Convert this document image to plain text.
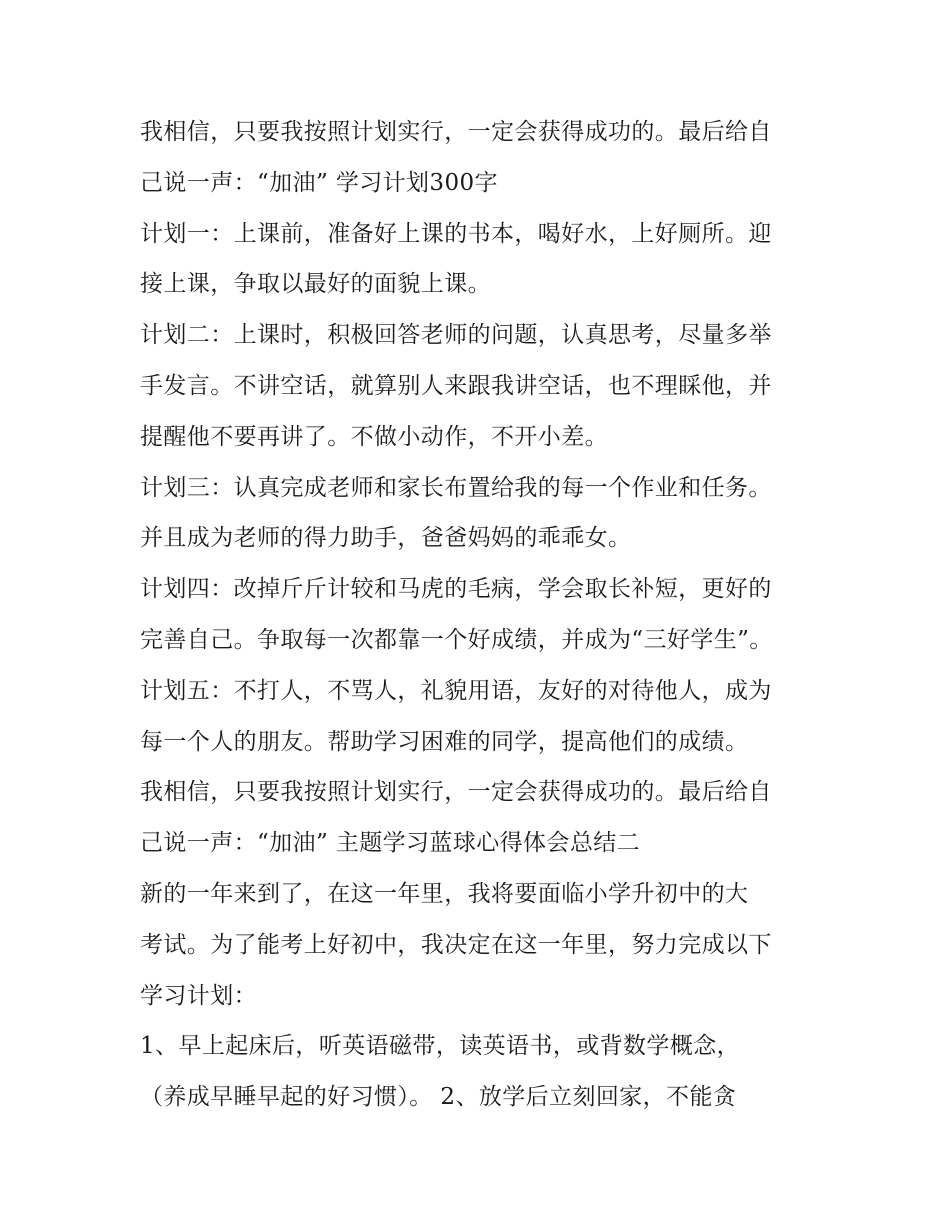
我相信，只要我按照计划实行，一定会获得成功的。最后给自
己说一声：“加油” 学习计划300字
计划一：上课前，准备好上课的书本，喝好水，上好厕所。迎
接上课，争取以最好的面貌上课。
计划二：上课时，积极回答老师的问题，认真思考，尽量多举
手发言。不讲空话，就算别人来跟我讲空话，也不理睬他，并
提醒他不要再讲了。不做小动作，不开小差。
计划三：认真完成老师和家长布置给我的每一个作业和任务。
并且成为老师的得力助手，爸爸妈妈的乖乖女。
计划四：改掉斤斤计较和马虎的毛病，学会取长补短，更好的
完善自己。争取每一次都靠一个好成绩，并成为“三好学生”。
计划五：不打人，不骂人，礼貌用语，友好的对待他人，成为
每一个人的朋友。帮助学习困难的同学，提高他们的成绩。
我相信，只要我按照计划实行，一定会获得成功的。最后给自
己说一声：“加油” 主题学习蓝球心得体会总结二
新的一年来到了，在这一年里，我将要面临小学升初中的大
考试。为了能考上好初中，我决定在这一年里，努力完成以下
学习计划：
1、早上起床后，听英语磁带，读英语书，或背数学概念，
（养成早睡早起的好习惯）。 2、放学后立刻回家，不能贪
